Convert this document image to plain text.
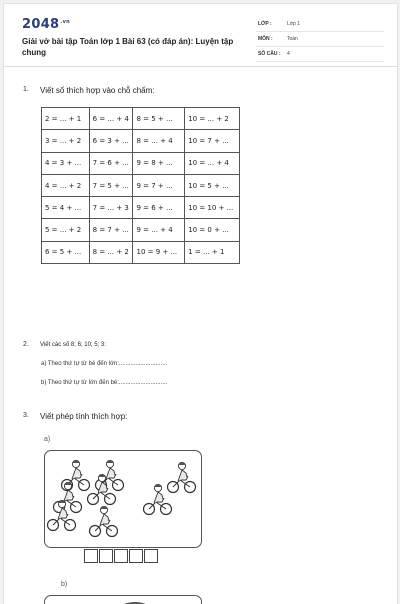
$2048^{.vn}$
Giải vở bài tập Toán lớp 1 Bài 63 (có đáp án): Luyện tập chung
LỚP :	Lớp 1
MÔN :	Toán
SỐ CÂU : 4
1. Viết số thích hợp vào chỗ chấm:
2 = ... + 1	6 = ... + 4	8 = 5 + ...	10 = ... + 2
3 = ... + 2	6 = 3 + ...	8 = ... + 4	10 = 7 + ...
4 = 3 + ...	7 = 6 + ...	9 = 8 + ...	10 = ... + 4
4 = ... + 2	7 = 5 + ...	9 = 7 + ...	10 = 5 + ...
5 = 4 + ...	7 = ... + 3	9 = 6 + ...	10 = 10 + ...
5 = ... + 2	8 = 7 + ...	9 = ... + 4	10 = 0 + ...
6 = 5 + ...	8 = ... + 2	10 = 9 + ...	1 = ... + 1
2. Viết các số 8; 6; 10; 5; 3:
a) Theo thứ tự từ bé đến lớn:.............................
b) Theo thứ tự từ lớn đến bé:.............................
3. Viết phép tính thích hợp:
a)
b)
